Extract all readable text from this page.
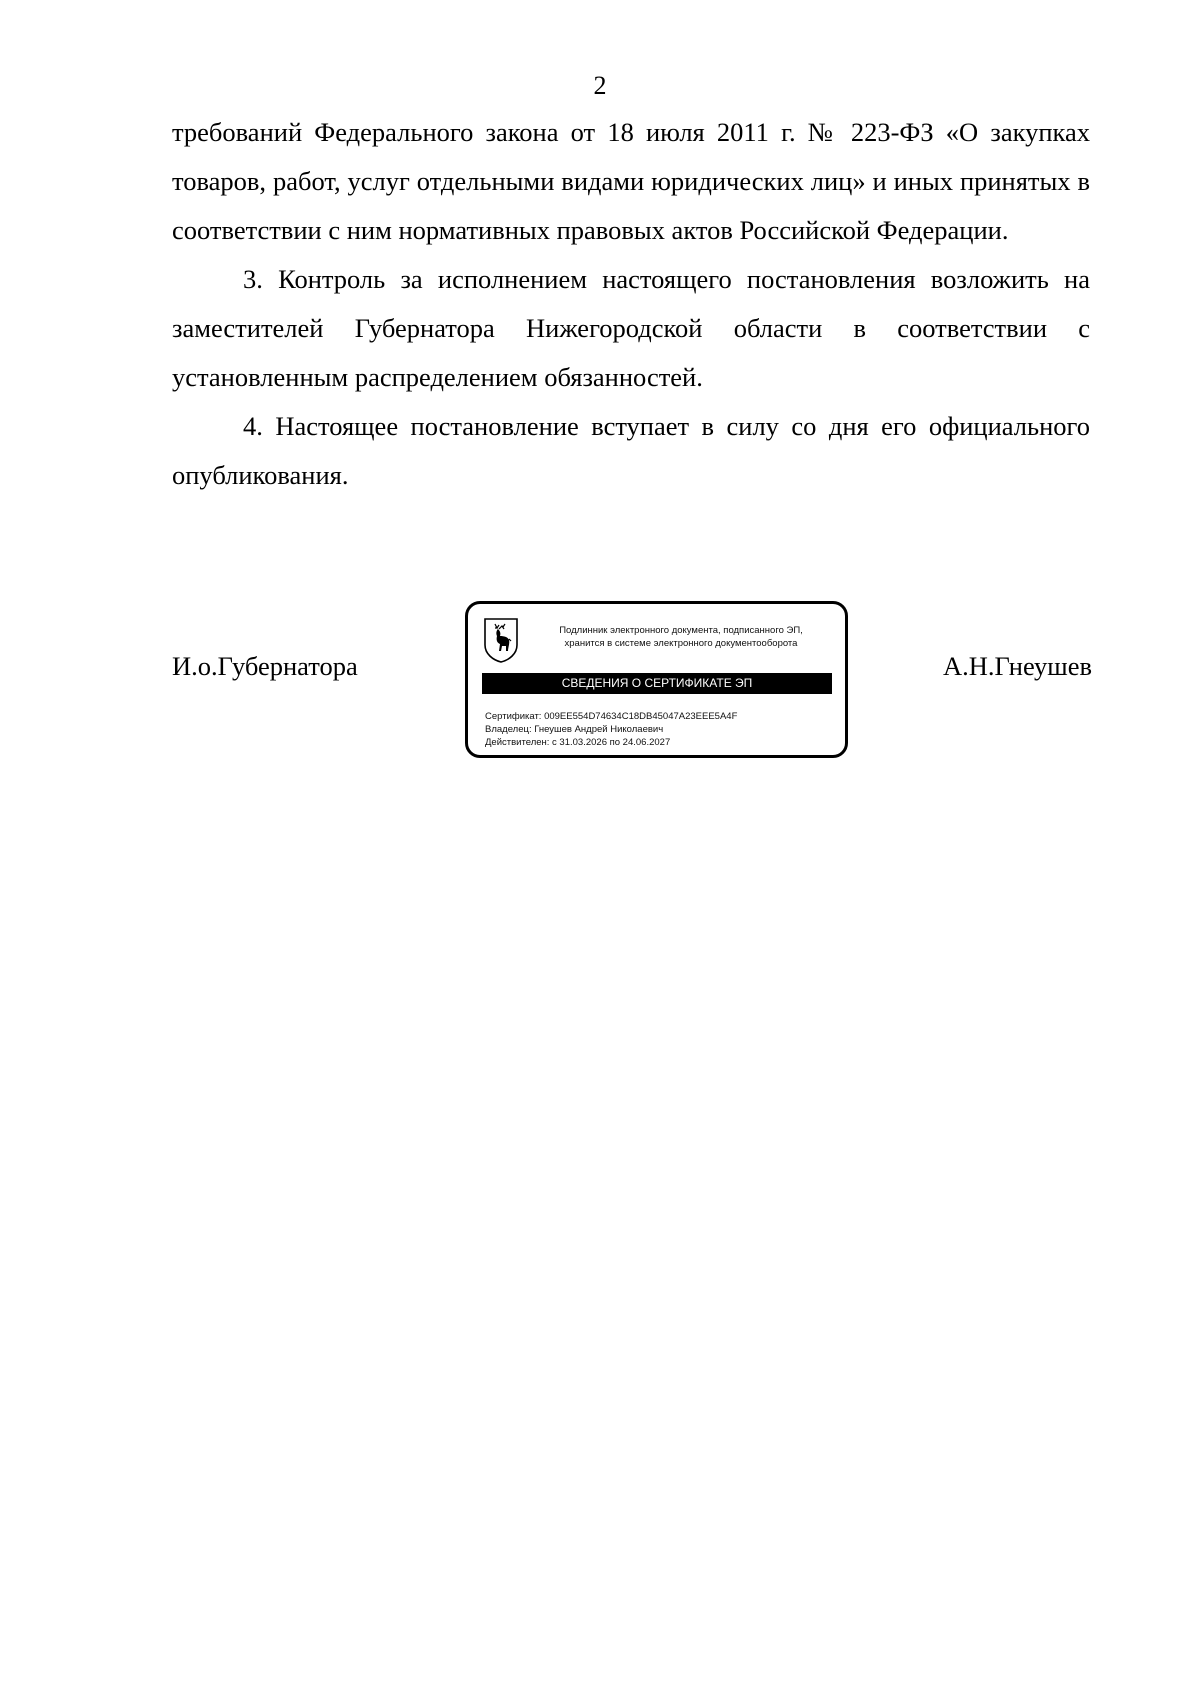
2

требований Федерального закона от 18 июля 2011 г. № 223-ФЗ «О закупках товаров, работ, услуг отдельными видами юридических лиц» и иных принятых в соответствии с ним нормативных правовых актов Российской Федерации.

3. Контроль за исполнением настоящего постановления возложить на заместителей Губернатора Нижегородской области в соответствии с установленным распределением обязанностей.

4. Настоящее постановление вступает в силу со дня его официального опубликования.

И.о.Губернатора
Подлинник электронного документа, подписанного ЭП,
хранится в системе электронного документооборота
СВЕДЕНИЯ О СЕРТИФИКАТЕ ЭП
Сертификат: 009EE554D74634C18DB45047A23EEE5A4F
Владелец: Гнеушев Андрей Николаевич
Действителен: с 31.03.2026 по 24.06.2027
А.Н.Гнеушев
